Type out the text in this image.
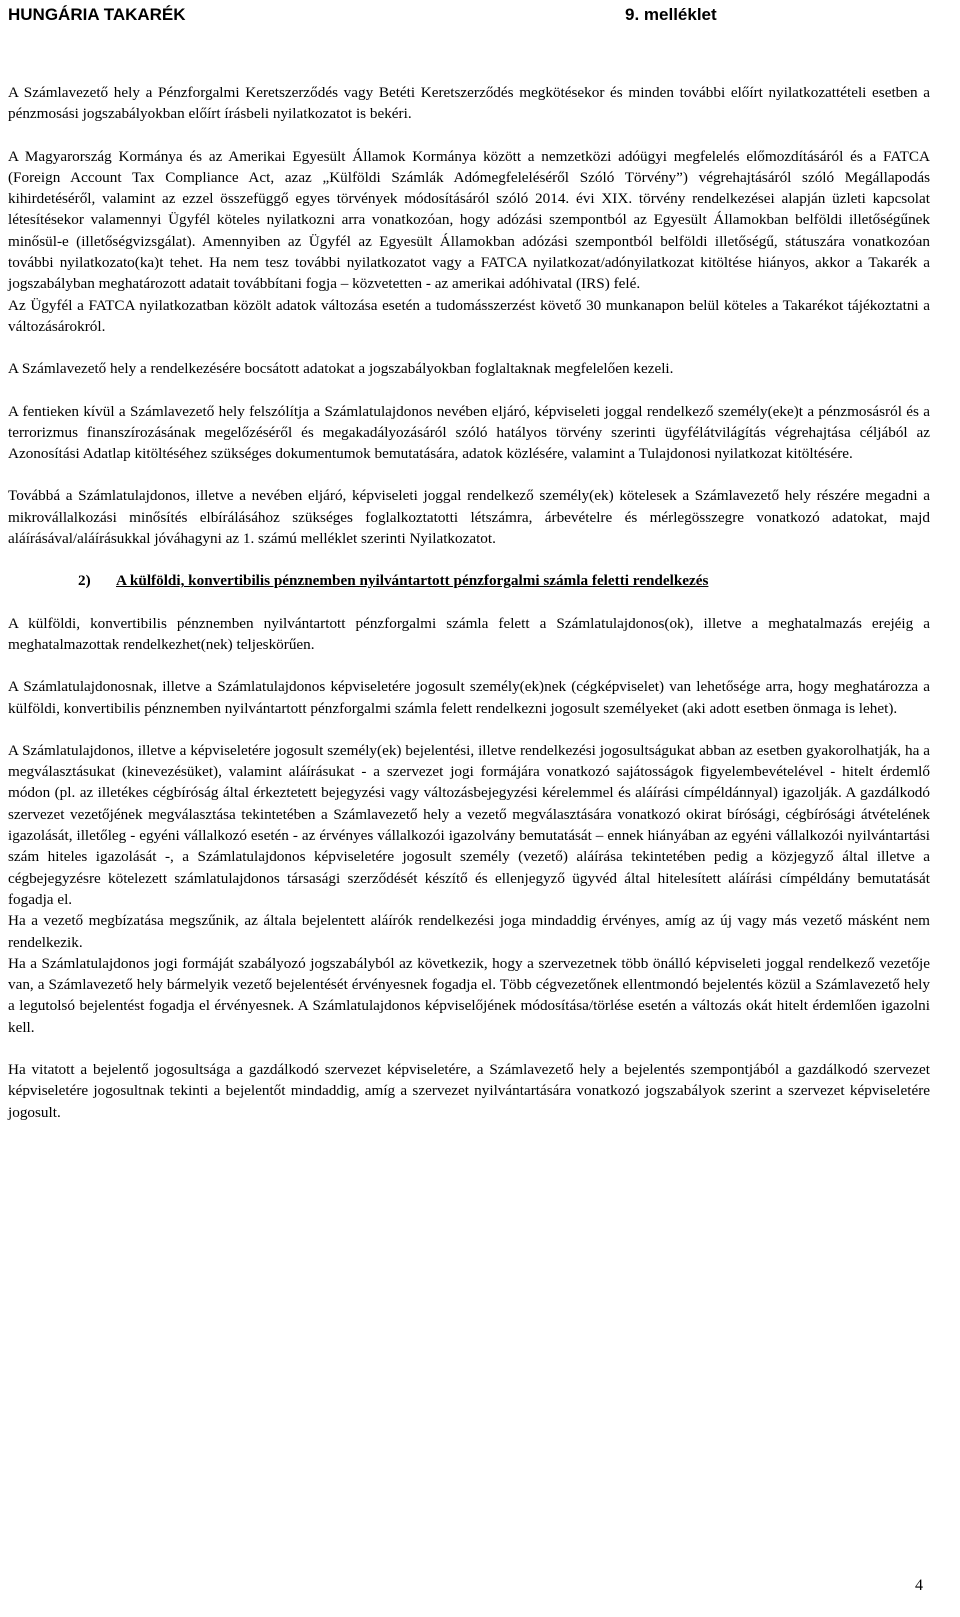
HUNGÁRIA TAKARÉK	9. melléklet

A Számlavezető hely a Pénzforgalmi Keretszerződés vagy Betéti Keretszerződés megkötésekor és minden további előírt nyilatkozattételi esetben a pénzmosási jogszabályokban előírt írásbeli nyilatkozatot is bekéri.

A Magyarország Kormánya és az Amerikai Egyesült Államok Kormánya között a nemzetközi adóügyi megfelelés előmozdításáról és a FATCA (Foreign Account Tax Compliance Act, azaz „Külföldi Számlák Adómegfeleléséről Szóló Törvény”) végrehajtásáról szóló Megállapodás kihirdetéséről, valamint az ezzel összefüggő egyes törvények módosításáról szóló 2014. évi XIX. törvény rendelkezései alapján üzleti kapcsolat létesítésekor valamennyi Ügyfél köteles nyilatkozni arra vonatkozóan, hogy adózási szempontból az Egyesült Államokban belföldi illetőségűnek minősül-e (illetőségvizsgálat). Amennyiben az Ügyfél az Egyesült Államokban adózási szempontból belföldi illetőségű, státuszára vonatkozóan további nyilatkozato(ka)t tehet. Ha nem tesz további nyilatkozatot vagy a FATCA nyilatkozat/adónyilatkozat kitöltése hiányos, akkor a Takarék a jogszabályban meghatározott adatait továbbítani fogja – közvetetten - az amerikai adóhivatal (IRS) felé.

Az Ügyfél a FATCA nyilatkozatban közölt adatok változása esetén a tudomásszerzést követő 30 munkanapon belül köteles a Takarékot tájékoztatni a változásárokról.

A Számlavezető hely a rendelkezésére bocsátott adatokat a jogszabályokban foglaltaknak megfelelően kezeli.

A fentieken kívül a Számlavezető hely felszólítja a Számlatulajdonos nevében eljáró, képviseleti joggal rendelkező személy(eke)t a pénzmosásról és a terrorizmus finanszírozásának megelőzéséről és megakadályozásáról szóló hatályos törvény szerinti ügyfélátvilágítás végrehajtása céljából az Azonosítási Adatlap kitöltéséhez szükséges dokumentumok bemutatására, adatok közlésére, valamint a Tulajdonosi nyilatkozat kitöltésére.

Továbbá a Számlatulajdonos, illetve a nevében eljáró, képviseleti joggal rendelkező személy(ek) kötelesek a Számlavezető hely részére megadni a mikrovállalkozási minősítés elbírálásához szükséges foglalkoztatotti létszámra, árbevételre és mérlegösszegre vonatkozó adatokat, majd aláírásával/aláírásukkal jóváhagyni az 1. számú melléklet szerinti Nyilatkozatot.

2) A külföldi, konvertibilis pénznemben nyilvántartott pénzforgalmi számla feletti rendelkezés

A külföldi, konvertibilis pénznemben nyilvántartott pénzforgalmi számla felett a Számlatulajdonos(ok), illetve a meghatalmazás erejéig a meghatalmazottak rendelkezhet(nek) teljeskörűen.

A Számlatulajdonosnak, illetve a Számlatulajdonos képviseletére jogosult személy(ek)nek (cégképviselet) van lehetősége arra, hogy meghatározza a külföldi, konvertibilis pénznemben nyilvántartott pénzforgalmi számla felett rendelkezni jogosult személyeket (aki adott esetben önmaga is lehet).

A Számlatulajdonos, illetve a képviseletére jogosult személy(ek) bejelentési, illetve rendelkezési jogosultságukat abban az esetben gyakorolhatják, ha a megválasztásukat (kinevezésüket), valamint aláírásukat - a szervezet jogi formájára vonatkozó sajátosságok figyelembevételével - hitelt érdemlő módon (pl. az illetékes cégbíróság által érkeztetett bejegyzési vagy változásbejegyzési kérelemmel és aláírási címpéldánnyal) igazolják. A gazdálkodó szervezet vezetőjének megválasztása tekintetében a Számlavezető hely a vezető megválasztására vonatkozó okirat bírósági, cégbírósági átvételének igazolását, illetőleg - egyéni vállalkozó esetén - az érvényes vállalkozói igazolvány bemutatását – ennek hiányában az egyéni vállalkozói nyilvántartási szám hiteles igazolását -, a Számlatulajdonos képviseletére jogosult személy (vezető) aláírása tekintetében pedig a közjegyző által illetve a cégbejegyzésre kötelezett számlatulajdonos társasági szerződését készítő és ellenjegyző ügyvéd által hitelesített aláírási címpéldány bemutatását fogadja el.

Ha a vezető megbízatása megszűnik, az általa bejelentett aláírók rendelkezési joga mindaddig érvényes, amíg az új vagy más vezető másként nem rendelkezik.

Ha a Számlatulajdonos jogi formáját szabályozó jogszabályból az következik, hogy a szervezetnek több önálló képviseleti joggal rendelkező vezetője van, a Számlavezető hely bármelyik vezető bejelentését érvényesnek fogadja el. Több cégvezetőnek ellentmondó bejelentés közül a Számlavezető hely a legutolsó bejelentést fogadja el érvényesnek. A Számlatulajdonos képviselőjének módosítása/törlése esetén a változás okát hitelt érdemlően igazolni kell.

Ha vitatott a bejelentő jogosultsága a gazdálkodó szervezet képviseletére, a Számlavezető hely a bejelentés szempontjából a gazdálkodó szervezet képviseletére jogosultnak tekinti a bejelentőt mindaddig, amíg a szervezet nyilvántartására vonatkozó jogszabályok szerint a szervezet képviseletére jogosult.

4
